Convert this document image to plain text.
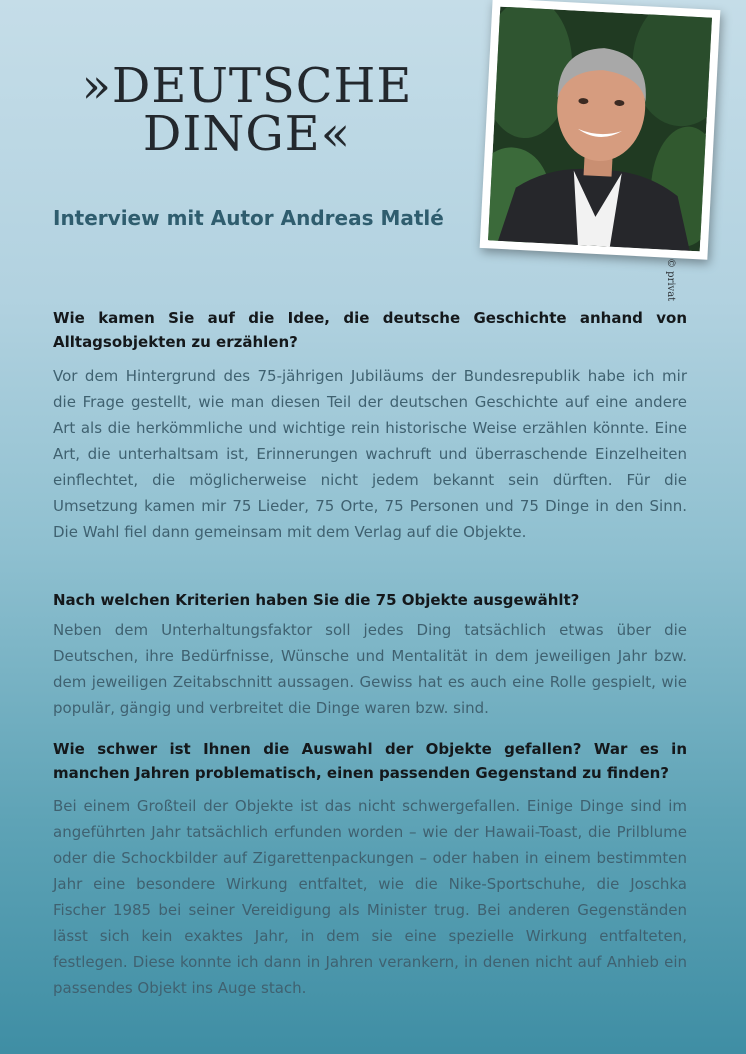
»DEUTSCHE
DINGE«
Interview mit Autor Andreas Matlé
© privat

Wie kamen Sie auf die Idee, die deutsche Geschichte anhand von Alltagsobjekten zu erzählen?

Vor dem Hintergrund des 75-jährigen Jubiläums der Bundesrepublik habe ich mir die Frage gestellt, wie man diesen Teil der deutschen Geschichte auf eine andere Art als die herkömmliche und wichtige rein historische Weise erzählen könnte. Eine Art, die unterhaltsam ist, Erinnerungen wachruft und überraschende Einzelheiten einflechtet, die möglicherweise nicht jedem bekannt sein dürften. Für die Umsetzung kamen mir 75 Lieder, 75 Orte, 75 Personen und 75 Dinge in den Sinn. Die Wahl fiel dann gemeinsam mit dem Verlag auf die Objekte.

Nach welchen Kriterien haben Sie die 75 Objekte ausgewählt?

Neben dem Unterhaltungsfaktor soll jedes Ding tatsächlich etwas über die Deutschen, ihre Bedürfnisse, Wünsche und Mentalität in dem jeweiligen Jahr bzw. dem jeweiligen Zeitabschnitt aussagen. Gewiss hat es auch eine Rolle gespielt, wie populär, gängig und verbreitet die Dinge waren bzw. sind.

Wie schwer ist Ihnen die Auswahl der Objekte gefallen? War es in manchen Jahren problematisch, einen passenden Gegenstand zu finden?

Bei einem Großteil der Objekte ist das nicht schwergefallen. Einige Dinge sind im angeführten Jahr tatsächlich erfunden worden – wie der Hawaii-Toast, die Prilblume oder die Schockbilder auf Zigarettenpackungen – oder haben in einem bestimmten Jahr eine besondere Wirkung entfaltet, wie die Nike-Sportschuhe, die Joschka Fischer 1985 bei seiner Vereidigung als Minister trug. Bei anderen Gegenständen lässt sich kein exaktes Jahr, in dem sie eine spezielle Wirkung entfalteten, festlegen. Diese konnte ich dann in Jahren verankern, in denen nicht auf Anhieb ein passendes Objekt ins Auge stach.
